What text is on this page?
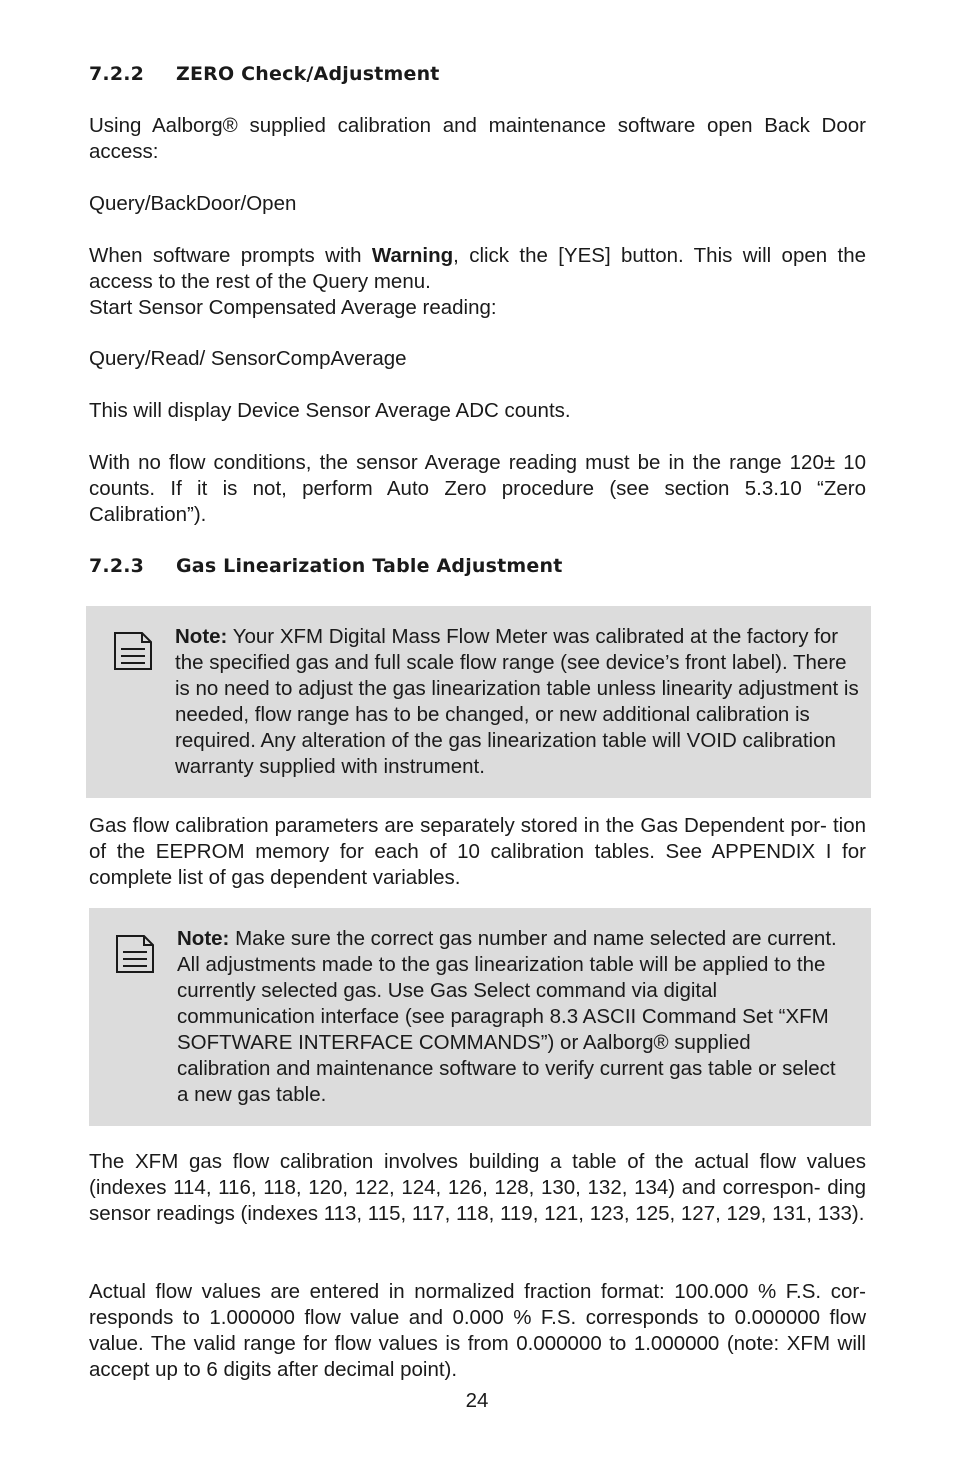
7.2.2 ZERO Check/Adjustment

Using Aalborg® supplied calibration and maintenance software open Back Door access:

Query/BackDoor/Open

When software prompts with Warning, click the [YES] button. This will open the access to the rest of the Query menu.
Start Sensor Compensated Average reading:

Query/Read/ SensorCompAverage

This will display Device Sensor Average ADC counts.

With no flow conditions, the sensor Average reading must be in the range 120± 10 counts. If it is not, perform Auto Zero procedure (see section 5.3.10 “Zero Calibration”).

7.2.3 Gas Linearization Table Adjustment

Gas flow calibration parameters are separately stored in the Gas Dependent por- tion of the EEPROM memory for each of 10 calibration tables. See APPENDIX I for complete list of gas dependent variables.

The XFM gas flow calibration involves building a table of the actual flow values (indexes 114, 116, 118, 120, 122, 124, 126, 128, 130, 132, 134) and correspon- ding sensor readings (indexes 113, 115, 117, 118, 119, 121, 123, 125, 127, 129, 131, 133).

Actual flow values are entered in normalized fraction format: 100.000 % F.S. cor- responds to 1.000000 flow value and 0.000 % F.S. corresponds to 0.000000 flow value. The valid range for flow values is from 0.000000 to 1.000000 (note: XFM will accept up to 6 digits after decimal point).

Note: Your XFM Digital Mass Flow Meter was calibrated at the factory for the specified gas and full scale flow range (see device’s front label). There is no need to adjust the gas linearization table unless linearity adjustment is needed, flow range has to be changed, or new additional calibration is required. Any alteration of the gas linearization table will VOID calibration warranty supplied with instrument.

Note: Make sure the correct gas number and name selected are current. All adjustments made to the gas linearization table will be applied to the currently selected gas. Use Gas Select command via digital communication interface (see paragraph 8.3 ASCII Command Set “XFM SOFTWARE INTERFACE COMMANDS”) or Aalborg® supplied calibration and maintenance software to verify current gas table or select a new gas table.

24
